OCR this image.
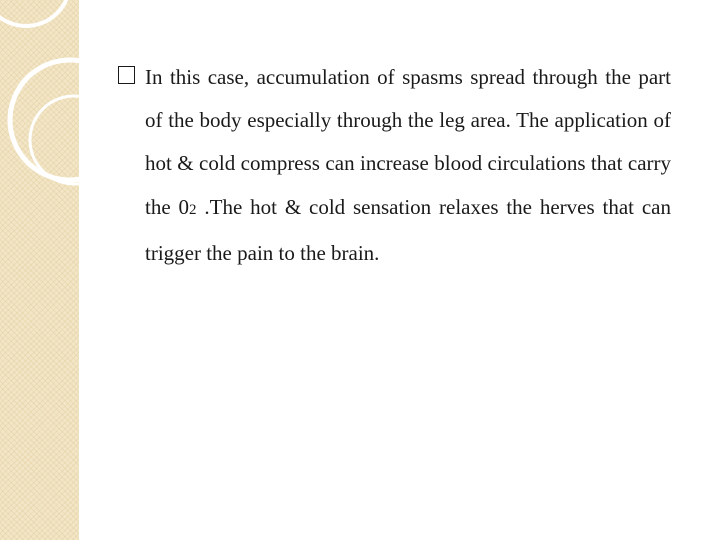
In this case, accumulation of spasms spread through the part of the body especially through the leg area. The application of hot & cold compress can increase blood circulations that carry the 02 .The hot & cold sensation relaxes the herves that can trigger the pain to the brain.
